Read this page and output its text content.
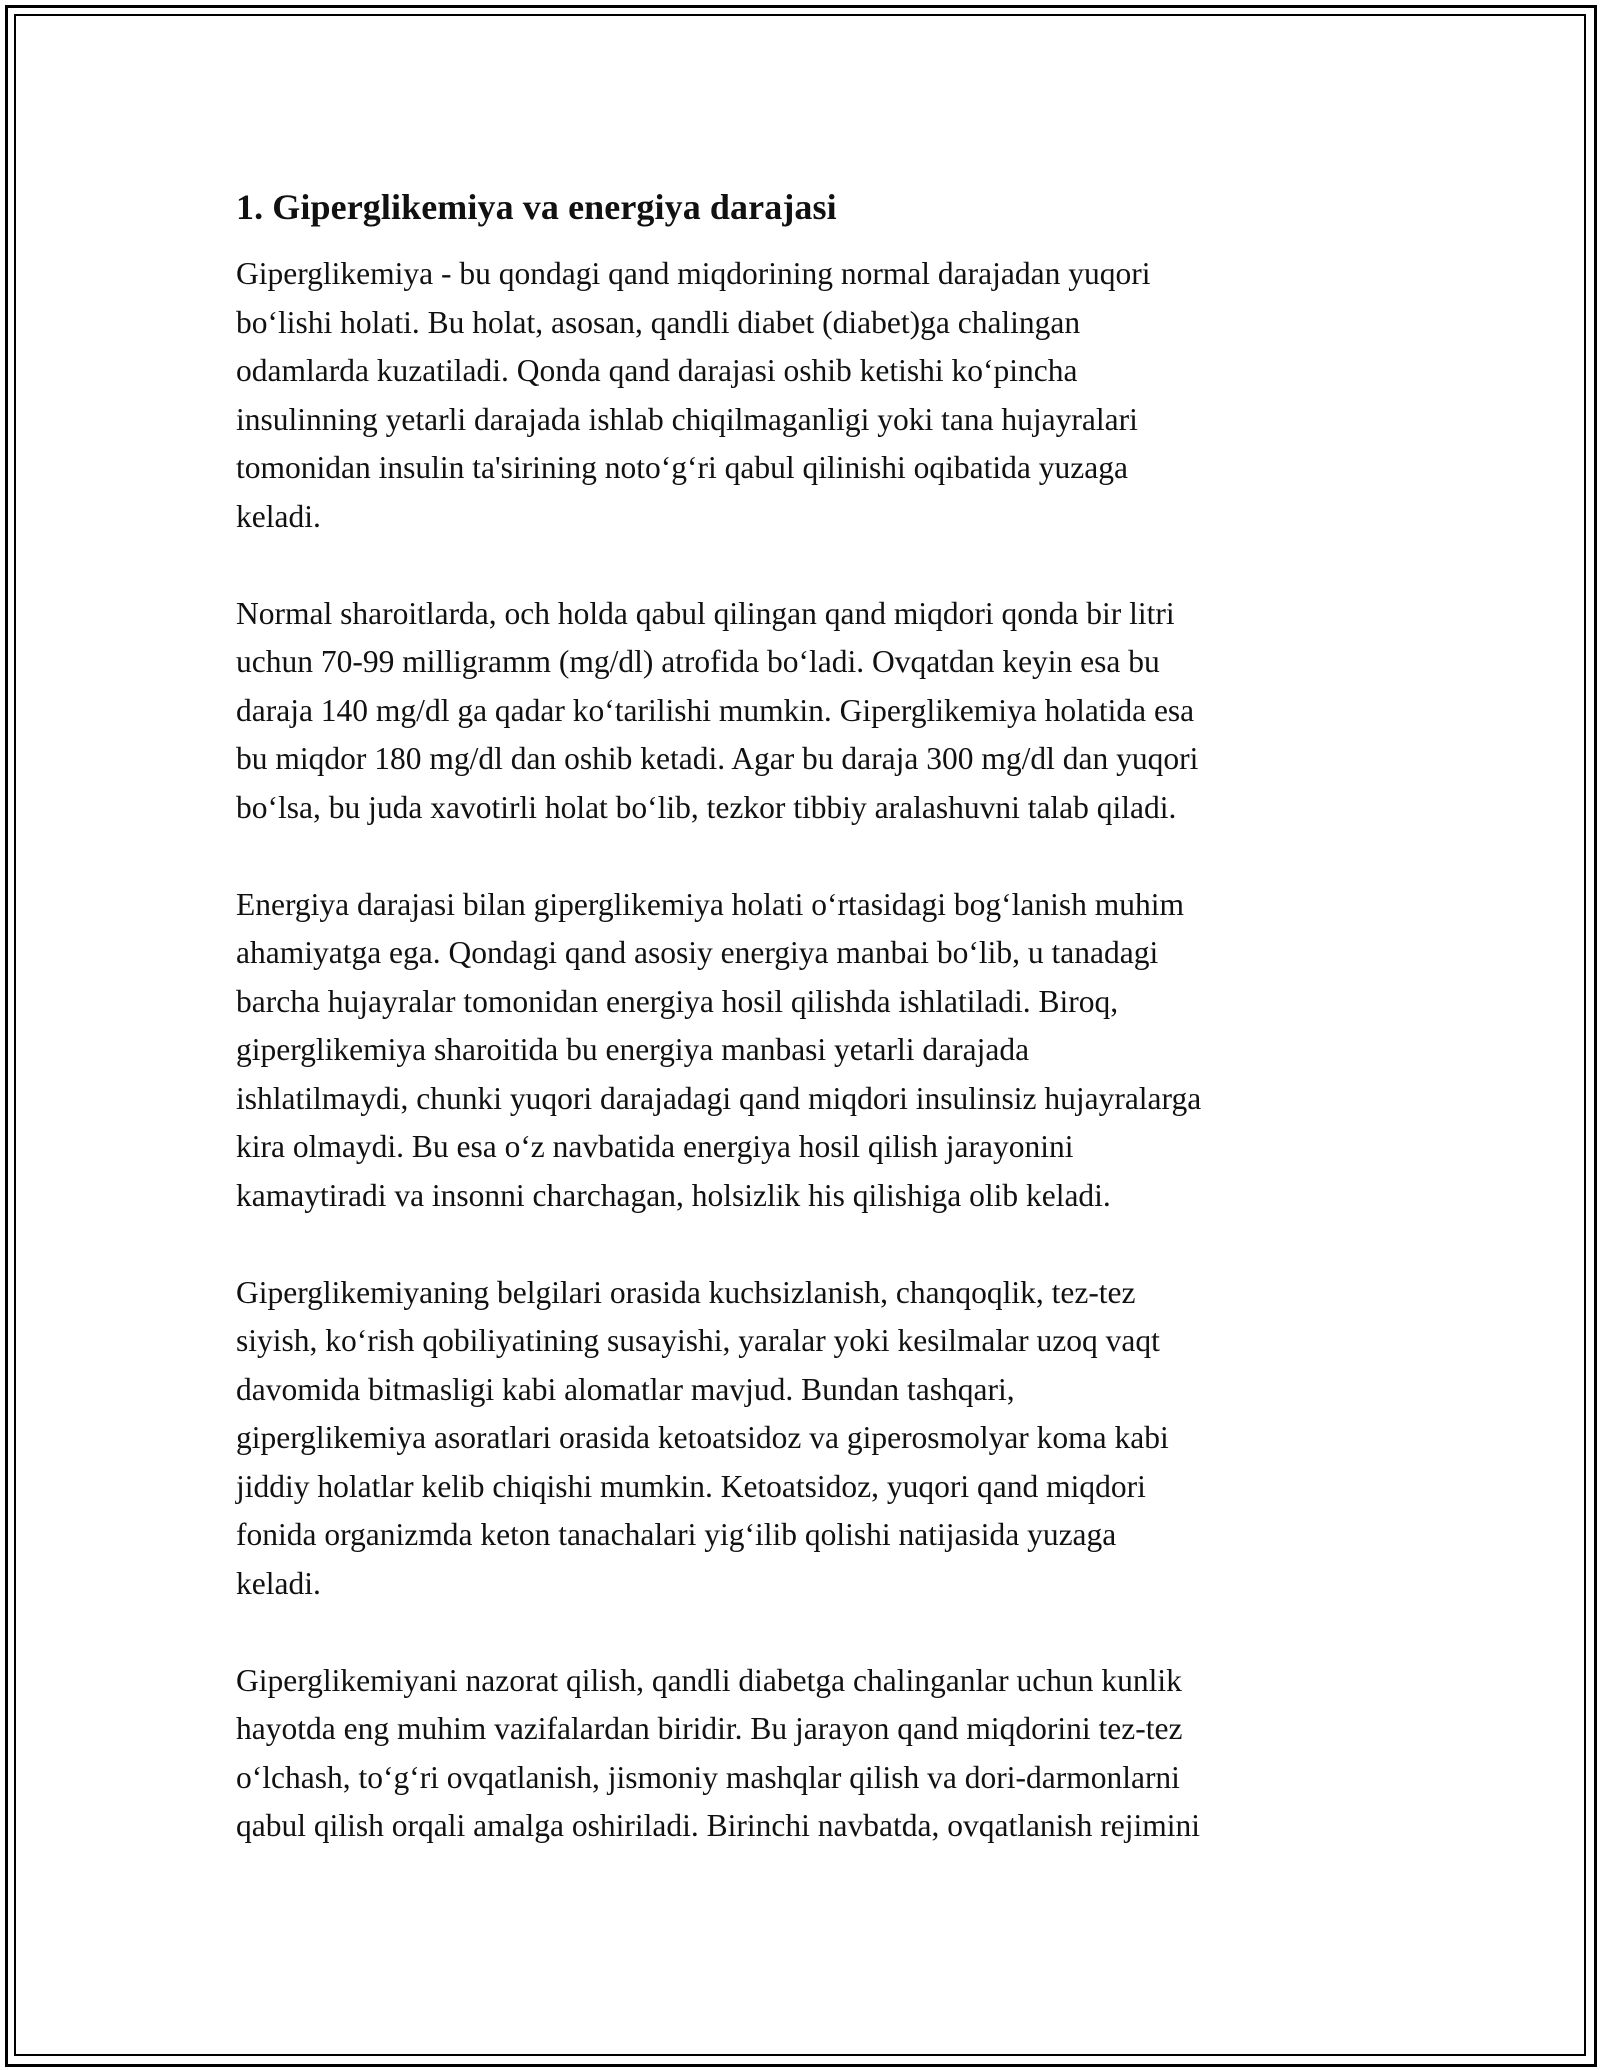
1. Giperglikemiya va energiya darajasi

Giperglikemiya - bu qondagi qand miqdorining normal darajadan yuqori
bo‘lishi holati. Bu holat, asosan, qandli diabet (diabet)ga chalingan
odamlarda kuzatiladi. Qonda qand darajasi oshib ketishi ko‘pincha
insulinning yetarli darajada ishlab chiqilmaganligi yoki tana hujayralari
tomonidan insulin ta'sirining noto‘g‘ri qabul qilinishi oqibatida yuzaga
keladi.

Normal sharoitlarda, och holda qabul qilingan qand miqdori qonda bir litri
uchun 70-99 milligramm (mg/dl) atrofida bo‘ladi. Ovqatdan keyin esa bu
daraja 140 mg/dl ga qadar ko‘tarilishi mumkin. Giperglikemiya holatida esa
bu miqdor 180 mg/dl dan oshib ketadi. Agar bu daraja 300 mg/dl dan yuqori
bo‘lsa, bu juda xavotirli holat bo‘lib, tezkor tibbiy aralashuvni talab qiladi.

Energiya darajasi bilan giperglikemiya holati o‘rtasidagi bog‘lanish muhim
ahamiyatga ega. Qondagi qand asosiy energiya manbai bo‘lib, u tanadagi
barcha hujayralar tomonidan energiya hosil qilishda ishlatiladi. Biroq,
giperglikemiya sharoitida bu energiya manbasi yetarli darajada
ishlatilmaydi, chunki yuqori darajadagi qand miqdori insulinsiz hujayralarga
kira olmaydi. Bu esa o‘z navbatida energiya hosil qilish jarayonini
kamaytiradi va insonni charchagan, holsizlik his qilishiga olib keladi.

Giperglikemiyaning belgilari orasida kuchsizlanish, chanqoqlik, tez-tez
siyish, ko‘rish qobiliyatining susayishi, yaralar yoki kesilmalar uzoq vaqt
davomida bitmasligi kabi alomatlar mavjud. Bundan tashqari,
giperglikemiya asoratlari orasida ketoatsidoz va giperosmolyar koma kabi
jiddiy holatlar kelib chiqishi mumkin. Ketoatsidoz, yuqori qand miqdori
fonida organizmda keton tanachalari yig‘ilib qolishi natijasida yuzaga
keladi.

Giperglikemiyani nazorat qilish, qandli diabetga chalinganlar uchun kunlik
hayotda eng muhim vazifalardan biridir. Bu jarayon qand miqdorini tez-tez
o‘lchash, to‘g‘ri ovqatlanish, jismoniy mashqlar qilish va dori-darmonlarni
qabul qilish orqali amalga oshiriladi. Birinchi navbatda, ovqatlanish rejimini
